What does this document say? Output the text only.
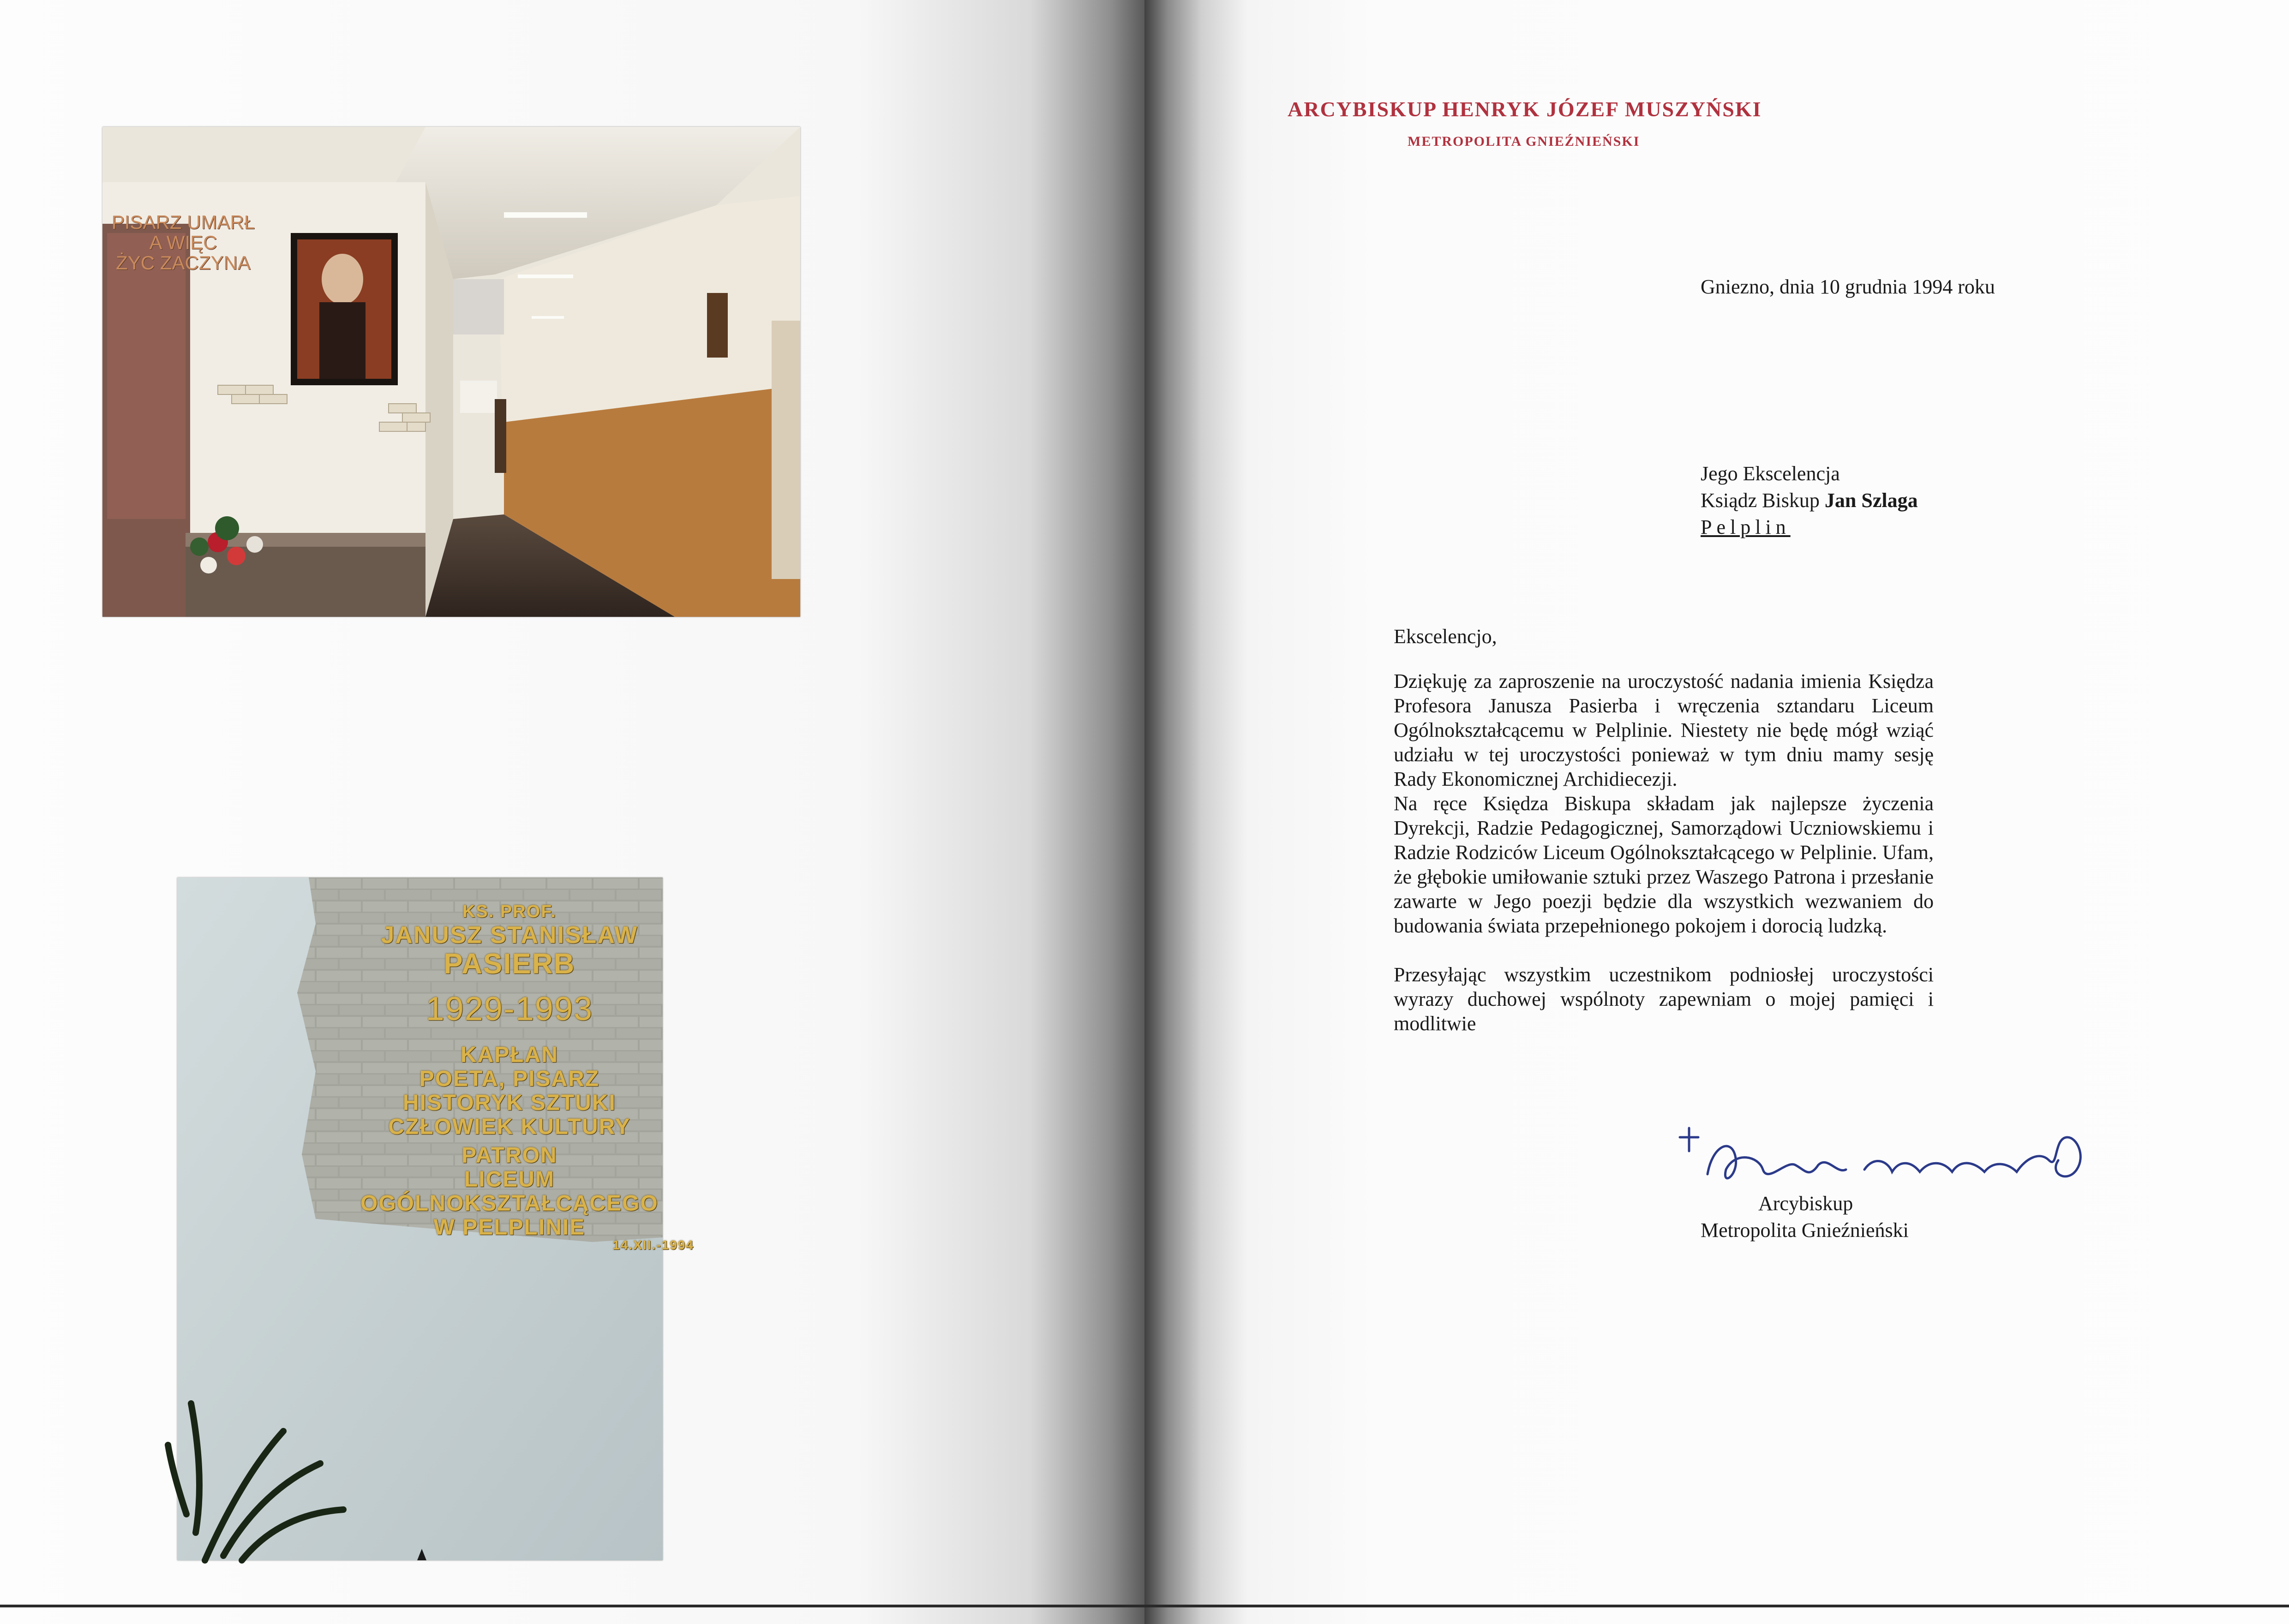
PISARZ UMARŁ
A WIĘC
ŻYC ZACZYNA
KS. PROF.
JANUSZ STANISŁAW
PASIERB
1929-1993
KAPŁAN
POETA, PISARZ
HISTORYK SZTUKI
CZŁOWIEK KULTURY
PATRON
LICEUM
OGÓLNOKSZTAŁCĄCEGO
W PELPLINIE
14.XII.-1994
ARCYBISKUP HENRYK JÓZEF MUSZYŃSKI
METROPOLITA GNIEŹNIEŃSKI
Gniezno, dnia 10 grudnia 1994 roku
Jego Ekscelencja
Ksiądz Biskup Jan Szlaga
Pelplin
Ekscelencjo,

Dziękuję za zaproszenie na uroczystość nadania imienia Księdza Profesora Janusza Pasierba i wręczenia sztandaru Liceum Ogólnokształcącemu w Pelplinie. Niestety nie będę mógł wziąć udziału w tej uroczystości ponieważ w tym dniu mamy sesję Rady Ekonomicznej Archidiecezji.

Na ręce Księdza Biskupa składam jak najlepsze życzenia Dyrekcji, Radzie Pedagogicznej, Samorządowi Uczniowskiemu i Radzie Rodziców Liceum Ogólnokształcącego w Pelplinie. Ufam, że głębokie umiłowanie sztuki przez Waszego Patrona i przesłanie zawarte w Jego poezji będzie dla wszystkich wezwaniem do budowania świata przepełnionego pokojem i dorocią ludzką.

Przesyłając wszystkim uczestnikom podniosłej uroczystości wyrazy duchowej wspólnoty zapewniam o mojej pamięci i modlitwie

Arcybiskup
Metropolita Gnieźnieński
